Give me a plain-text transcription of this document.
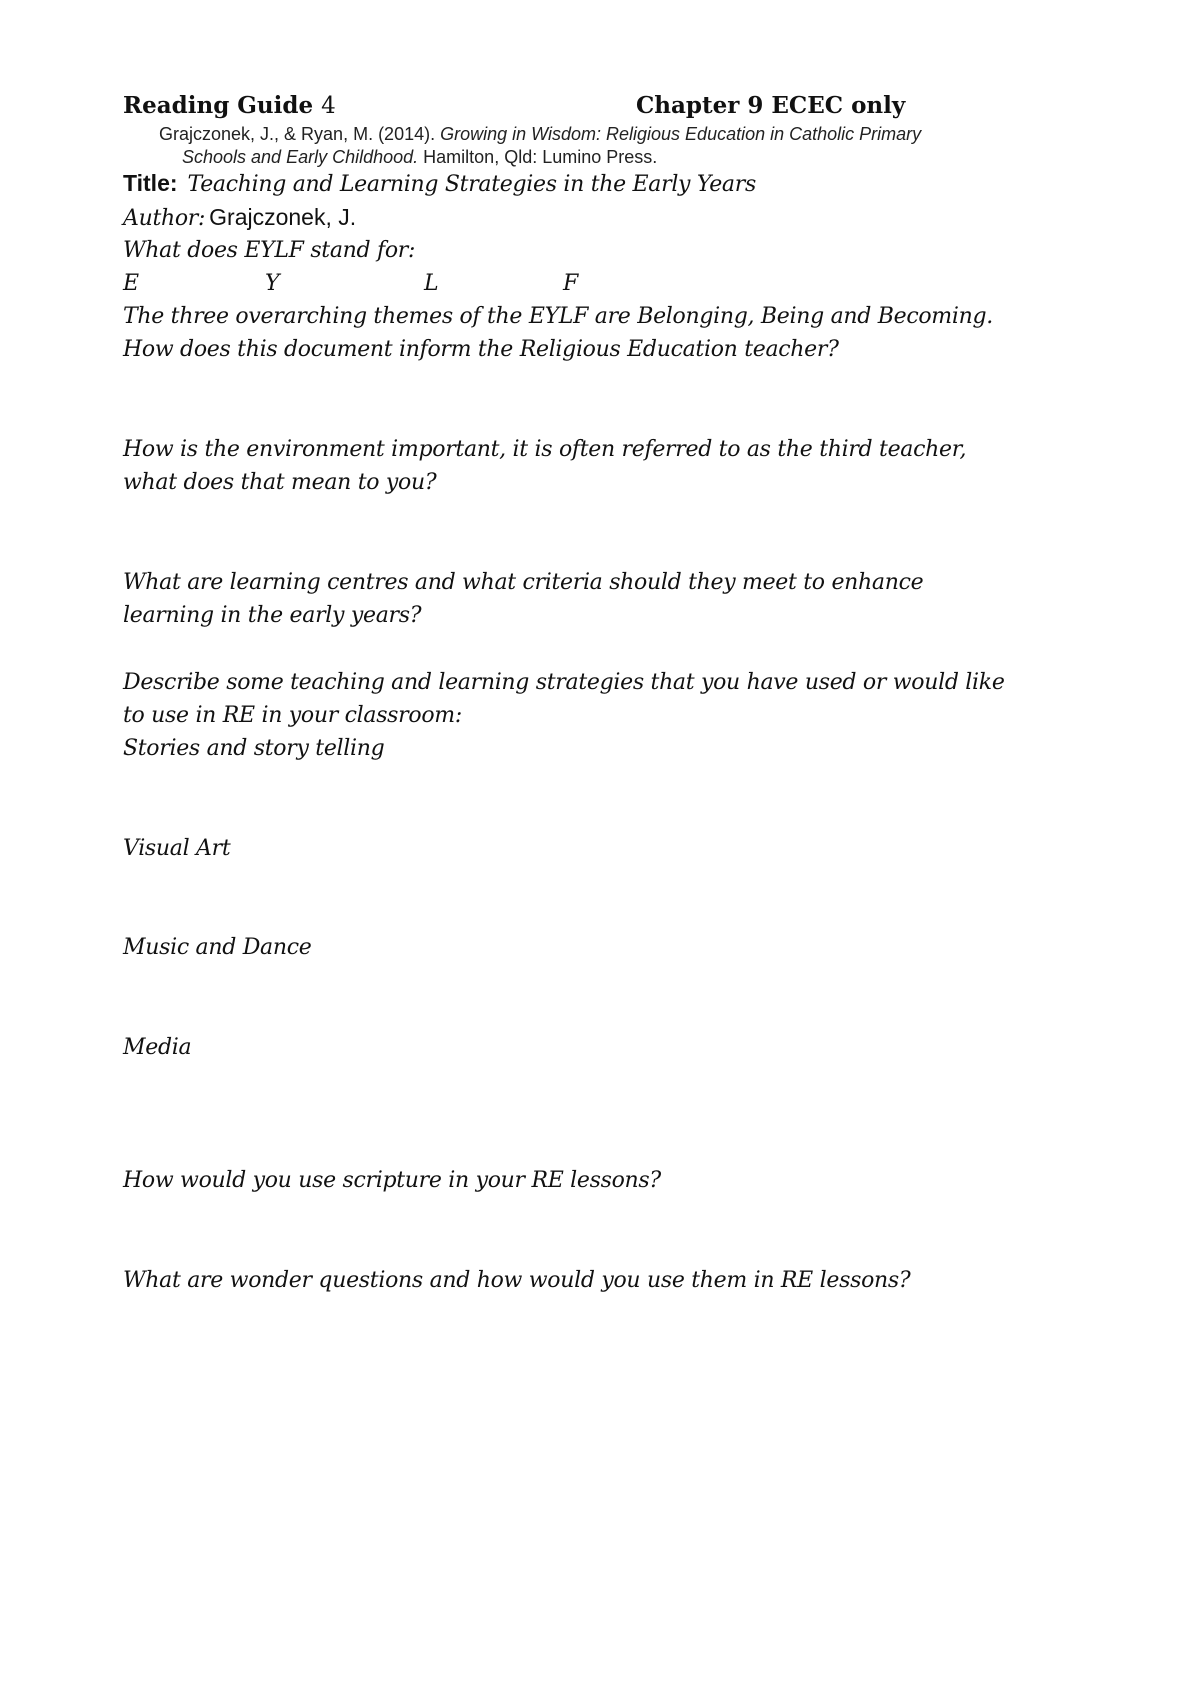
Reading Guide 4	Chapter 9 ECEC only
Grajczonek, J., & Ryan, M. (2014). Growing in Wisdom: Religious Education in Catholic Primary
Schools and Early Childhood. Hamilton, Qld: Lumino Press.
Title: Teaching and Learning Strategies in the Early Years
Author: Grajczonek, J.
What does EYLF stand for:
E	Y	L	F
The three overarching themes of the EYLF are Belonging, Being and Becoming.
How does this document inform the Religious Education teacher?
How is the environment important, it is often referred to as the third teacher,
what does that mean to you?
What are learning centres and what criteria should they meet to enhance
learning in the early years?
Describe some teaching and learning strategies that you have used or would like
to use in RE in your classroom:
Stories and story telling
Visual Art
Music and Dance
Media
How would you use scripture in your RE lessons?
What are wonder questions and how would you use them in RE lessons?
